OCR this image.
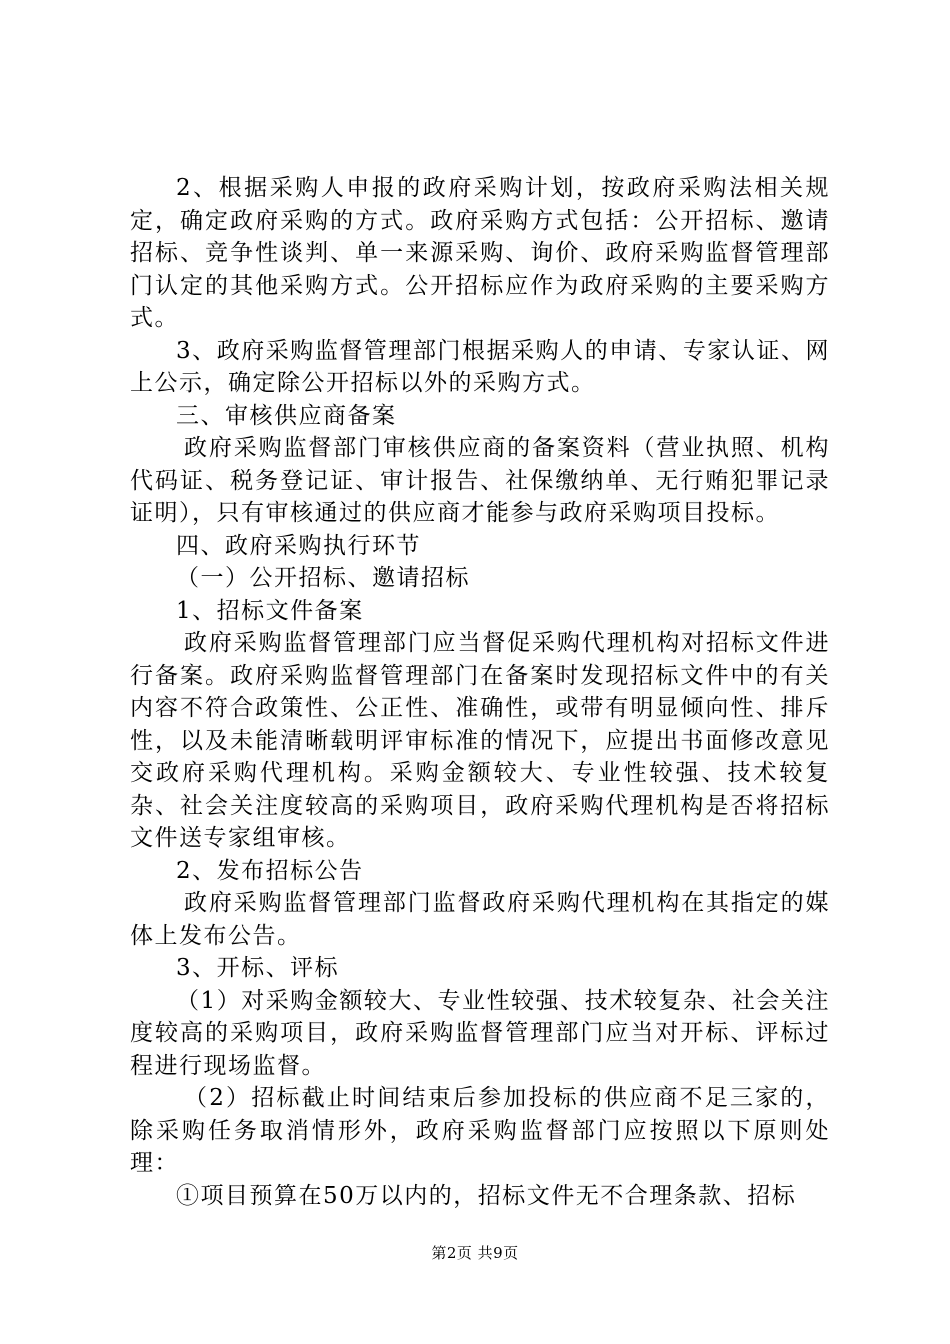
2、根据采购人申报的政府采购计划，按政府采购法相关规定，确定政府采购的方式。政府采购方式包括：公开招标、邀请招标、竞争性谈判、单一来源采购、询价、政府采购监督管理部门认定的其他采购方式。公开招标应作为政府采购的主要采购方式。

3、政府采购监督管理部门根据采购人的申请、专家认证、网上公示，确定除公开招标以外的采购方式。

三、审核供应商备案

政府采购监督部门审核供应商的备案资料（营业执照、机构代码证、税务登记证、审计报告、社保缴纳单、无行贿犯罪记录证明），只有审核通过的供应商才能参与政府采购项目投标。

四、政府采购执行环节

（一）公开招标、邀请招标

1、招标文件备案

政府采购监督管理部门应当督促采购代理机构对招标文件进行备案。政府采购监督管理部门在备案时发现招标文件中的有关内容不符合政策性、公正性、准确性，或带有明显倾向性、排斥性，以及未能清晰载明评审标准的情况下，应提出书面修改意见交政府采购代理机构。采购金额较大、专业性较强、技术较复杂、社会关注度较高的采购项目，政府采购代理机构是否将招标文件送专家组审核。

2、发布招标公告

政府采购监督管理部门监督政府采购代理机构在其指定的媒体上发布公告。

3、开标、评标

（1）对采购金额较大、专业性较强、技术较复杂、社会关注度较高的采购项目，政府采购监督管理部门应当对开标、评标过程进行现场监督。

（2）招标截止时间结束后参加投标的供应商不足三家的，除采购任务取消情形外，政府采购监督部门应按照以下原则处理：

①项目预算在50万以内的，招标文件无不合理条款、招标

第2页 共9页
